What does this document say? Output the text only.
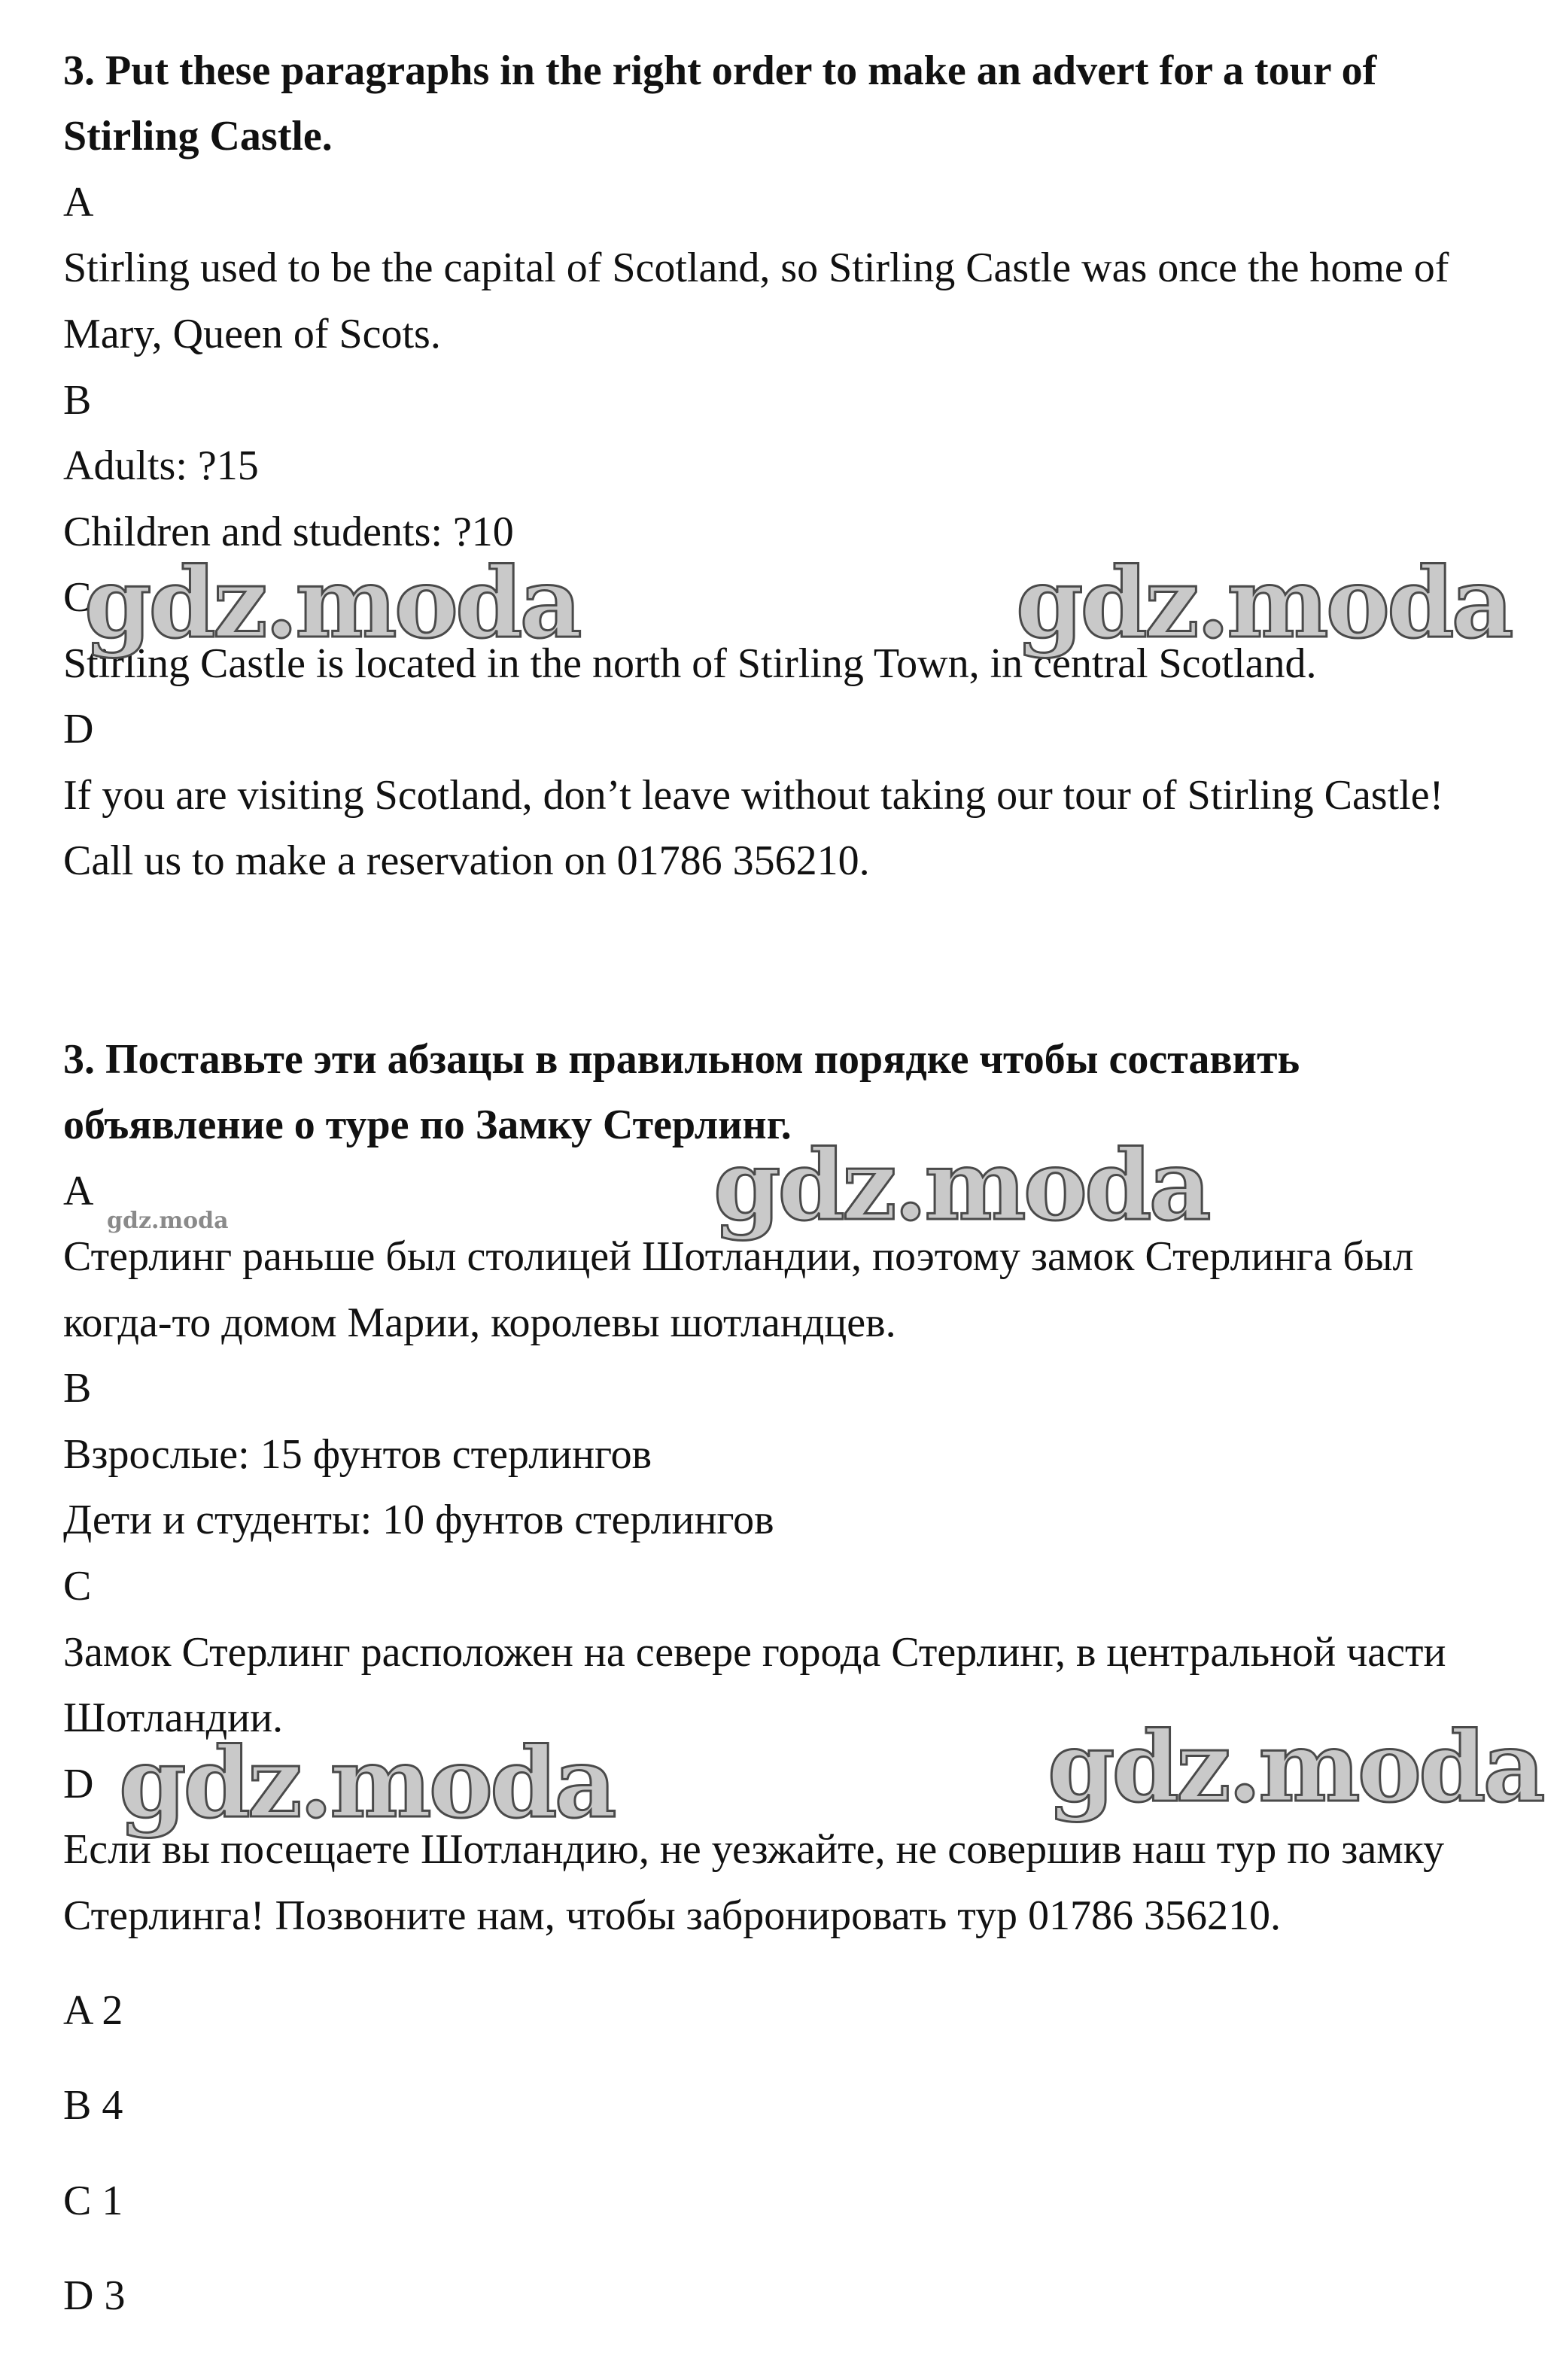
3. Put these paragraphs in the right order to make an advert for a tour of

Stirling Castle.

A

Stirling used to be the capital of Scotland, so Stirling Castle was once the home of

Mary, Queen of Scots.

B

Adults: ?15

Children and students: ?10

C

Stirling Castle is located in the north of Stirling Town, in central Scotland.

D

If you are visiting Scotland, don’t leave without taking our tour of Stirling Castle!

Call us to make a reservation on 01786 356210.

3. Поставьте эти абзацы в правильном порядке чтобы составить

объявление о туре по Замку Стерлинг.

A

Стерлинг раньше был столицей Шотландии, поэтому замок Стерлинга был

когда-то домом Марии, королевы шотландцев.

B

Взрослые: 15 фунтов стерлингов

Дети и студенты: 10 фунтов стерлингов

C

Замок Стерлинг расположен на севере города Стерлинг, в центральной части

Шотландии.

D

Если вы посещаете Шотландию, не уезжайте, не совершив наш тур по замку

Стерлинга! Позвоните нам, чтобы забронировать тур 01786 356210.

A 2

B 4

C 1

D 3

gdz.moda	gdz.moda
gdz.moda
gdz.moda
gdz.moda	gdz.moda
